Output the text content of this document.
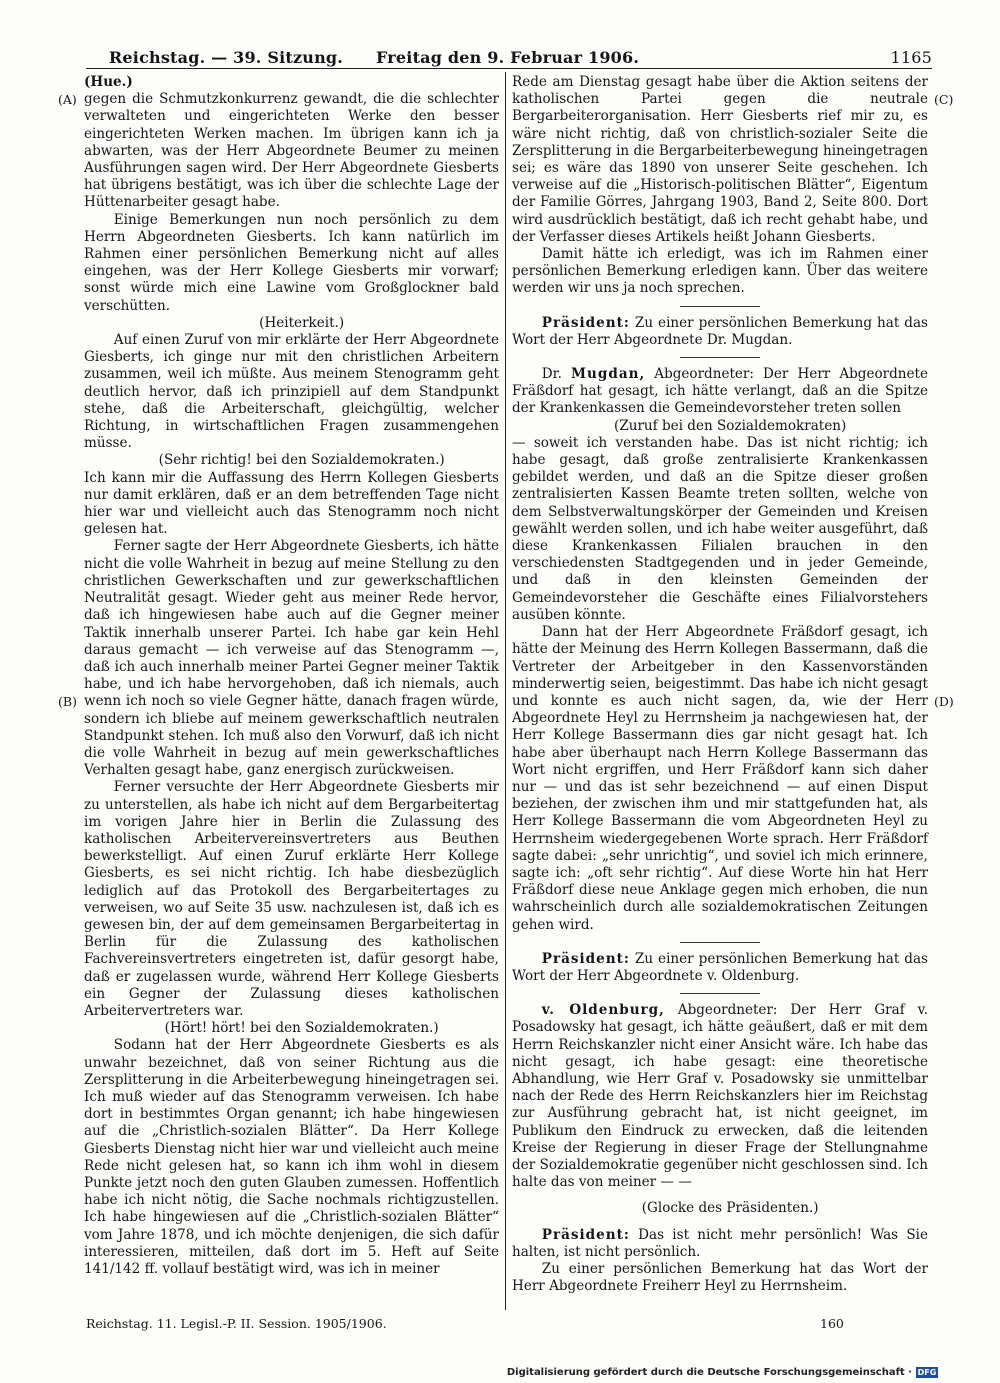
Reichstag. — 39. Sitzung.	Freitag den 9. Februar 1906.	1165
(A)
(B)
(C)
(D)

(Hue.)

gegen die Schmutzkonkurrenz gewandt, die die schlechter verwalteten und eingerichteten Werke den besser eingerichteten Werken machen. Im übrigen kann ich ja abwarten, was der Herr Abgeordnete Beumer zu meinen Ausführungen sagen wird. Der Herr Abgeordnete Giesberts hat übrigens bestätigt, was ich über die schlechte Lage der Hüttenarbeiter gesagt habe.

Einige Bemerkungen nun noch persönlich zu dem Herrn Abgeordneten Giesberts. Ich kann natürlich im Rahmen einer persönlichen Bemerkung nicht auf alles eingehen, was der Herr Kollege Giesberts mir vorwarf; sonst würde mich eine Lawine vom Großglockner bald verschütten.

(Heiterkeit.)

Auf einen Zuruf von mir erklärte der Herr Abgeordnete Giesberts, ich ginge nur mit den christlichen Arbeitern zusammen, weil ich müßte. Aus meinem Stenogramm geht deutlich hervor, daß ich prinzipiell auf dem Standpunkt stehe, daß die Arbeiterschaft, gleichgültig, welcher Richtung, in wirtschaftlichen Fragen zusammengehen müsse.

(Sehr richtig! bei den Sozialdemokraten.)

Ich kann mir die Auffassung des Herrn Kollegen Giesberts nur damit erklären, daß er an dem betreffenden Tage nicht hier war und vielleicht auch das Stenogramm noch nicht gelesen hat.

Ferner sagte der Herr Abgeordnete Giesberts, ich hätte nicht die volle Wahrheit in bezug auf meine Stellung zu den christlichen Gewerkschaften und zur gewerkschaftlichen Neutralität gesagt. Wieder geht aus meiner Rede hervor, daß ich hingewiesen habe auch auf die Gegner meiner Taktik innerhalb unserer Partei. Ich habe gar kein Hehl daraus gemacht — ich verweise auf das Stenogramm —, daß ich auch innerhalb meiner Partei Gegner meiner Taktik habe, und ich habe hervorgehoben, daß ich niemals, auch wenn ich noch so viele Gegner hätte, danach fragen würde, sondern ich bliebe auf meinem gewerkschaftlich neutralen Standpunkt stehen. Ich muß also den Vorwurf, daß ich nicht die volle Wahrheit in bezug auf mein gewerkschaftliches Verhalten gesagt habe, ganz energisch zurückweisen.

Ferner versuchte der Herr Abgeordnete Giesberts mir zu unterstellen, als habe ich nicht auf dem Bergarbeitertag im vorigen Jahre hier in Berlin die Zulassung des katholischen Arbeitervereinsvertreters aus Beuthen bewerkstelligt. Auf einen Zuruf erklärte Herr Kollege Giesberts, es sei nicht richtig. Ich habe diesbezüglich lediglich auf das Protokoll des Bergarbeitertages zu verweisen, wo auf Seite 35 usw. nachzulesen ist, daß ich es gewesen bin, der auf dem gemeinsamen Bergarbeitertag in Berlin für die Zulassung des katholischen Fachvereinsvertreters eingetreten ist, dafür gesorgt habe, daß er zugelassen wurde, während Herr Kollege Giesberts ein Gegner der Zulassung dieses katholischen Arbeitervertreters war.

(Hört! hört! bei den Sozialdemokraten.)

Sodann hat der Herr Abgeordnete Giesberts es als unwahr bezeichnet, daß von seiner Richtung aus die Zersplitterung in die Arbeiterbewegung hineingetragen sei. Ich muß wieder auf das Stenogramm verweisen. Ich habe dort in bestimmtes Organ genannt; ich habe hingewiesen auf die „Christlich-sozialen Blätter“. Da Herr Kollege Giesberts Dienstag nicht hier war und vielleicht auch meine Rede nicht gelesen hat, so kann ich ihm wohl in diesem Punkte jetzt noch den guten Glauben zumessen. Hoffentlich habe ich nicht nötig, die Sache nochmals richtigzustellen. Ich habe hingewiesen auf die „Christlich-sozialen Blätter“ vom Jahre 1878, und ich möchte denjenigen, die sich dafür interessieren, mitteilen, daß dort im 5. Heft auf Seite 141/142 ff. vollauf bestätigt wird, was ich in meiner

Rede am Dienstag gesagt habe über die Aktion seitens der katholischen Partei gegen die neutrale Bergarbeiterorganisation. Herr Giesberts rief mir zu, es wäre nicht richtig, daß von christlich-sozialer Seite die Zersplitterung in die Bergarbeiterbewegung hineingetragen sei; es wäre das 1890 von unserer Seite geschehen. Ich verweise auf die „Historisch-politischen Blätter“, Eigentum der Familie Görres, Jahrgang 1903, Band 2, Seite 800. Dort wird ausdrücklich bestätigt, daß ich recht gehabt habe, und der Verfasser dieses Artikels heißt Johann Giesberts.

Damit hätte ich erledigt, was ich im Rahmen einer persönlichen Bemerkung erledigen kann. Über das weitere werden wir uns ja noch sprechen.

Präsident: Zu einer persönlichen Bemerkung hat das Wort der Herr Abgeordnete Dr. Mugdan.

Dr. Mugdan, Abgeordneter: Der Herr Abgeordnete Fräßdorf hat gesagt, ich hätte verlangt, daß an die Spitze der Krankenkassen die Gemeindevorsteher treten sollen

(Zuruf bei den Sozialdemokraten)

— soweit ich verstanden habe. Das ist nicht richtig; ich habe gesagt, daß große zentralisierte Krankenkassen gebildet werden, und daß an die Spitze dieser großen zentralisierten Kassen Beamte treten sollten, welche von dem Selbstverwaltungskörper der Gemeinden und Kreisen gewählt werden sollen, und ich habe weiter ausgeführt, daß diese Krankenkassen Filialen brauchen in den verschiedensten Stadtgegenden und in jeder Gemeinde, und daß in den kleinsten Gemeinden der Gemeindevorsteher die Geschäfte eines Filialvorstehers ausüben könnte.

Dann hat der Herr Abgeordnete Fräßdorf gesagt, ich hätte der Meinung des Herrn Kollegen Bassermann, daß die Vertreter der Arbeitgeber in den Kassenvorständen minderwertig seien, beigestimmt. Das habe ich nicht gesagt und konnte es auch nicht sagen, da, wie der Herr Abgeordnete Heyl zu Herrnsheim ja nachgewiesen hat, der Herr Kollege Bassermann dies gar nicht gesagt hat. Ich habe aber überhaupt nach Herrn Kollege Bassermann das Wort nicht ergriffen, und Herr Fräßdorf kann sich daher nur — und das ist sehr bezeichnend — auf einen Disput beziehen, der zwischen ihm und mir stattgefunden hat, als Herr Kollege Bassermann die vom Abgeordneten Heyl zu Herrnsheim wiedergegebenen Worte sprach. Herr Fräßdorf sagte dabei: „sehr unrichtig“, und soviel ich mich erinnere, sagte ich: „oft sehr richtig“. Auf diese Worte hin hat Herr Fräßdorf diese neue Anklage gegen mich erhoben, die nun wahrscheinlich durch alle sozialdemokratischen Zeitungen gehen wird.

Präsident: Zu einer persönlichen Bemerkung hat das Wort der Herr Abgeordnete v. Oldenburg.

v. Oldenburg, Abgeordneter: Der Herr Graf v. Posadowsky hat gesagt, ich hätte geäußert, daß er mit dem Herrn Reichskanzler nicht einer Ansicht wäre. Ich habe das nicht gesagt, ich habe gesagt: eine theoretische Abhandlung, wie Herr Graf v. Posadowsky sie unmittelbar nach der Rede des Herrn Reichskanzlers hier im Reichstag zur Ausführung gebracht hat, ist nicht geeignet, im Publikum den Eindruck zu erwecken, daß die leitenden Kreise der Regierung in dieser Frage der Stellungnahme der Sozialdemokratie gegenüber nicht geschlossen sind. Ich halte das von meiner — —

(Glocke des Präsidenten.)

Präsident: Das ist nicht mehr persönlich! Was Sie halten, ist nicht persönlich.

Zu einer persönlichen Bemerkung hat das Wort der Herr Abgeordnete Freiherr Heyl zu Herrnsheim.

Reichstag. 11. Legisl.-P. II. Session. 1905/1906.	160
Digitalisierung gefördert durch die Deutsche Forschungsgemeinschaft · DFG
